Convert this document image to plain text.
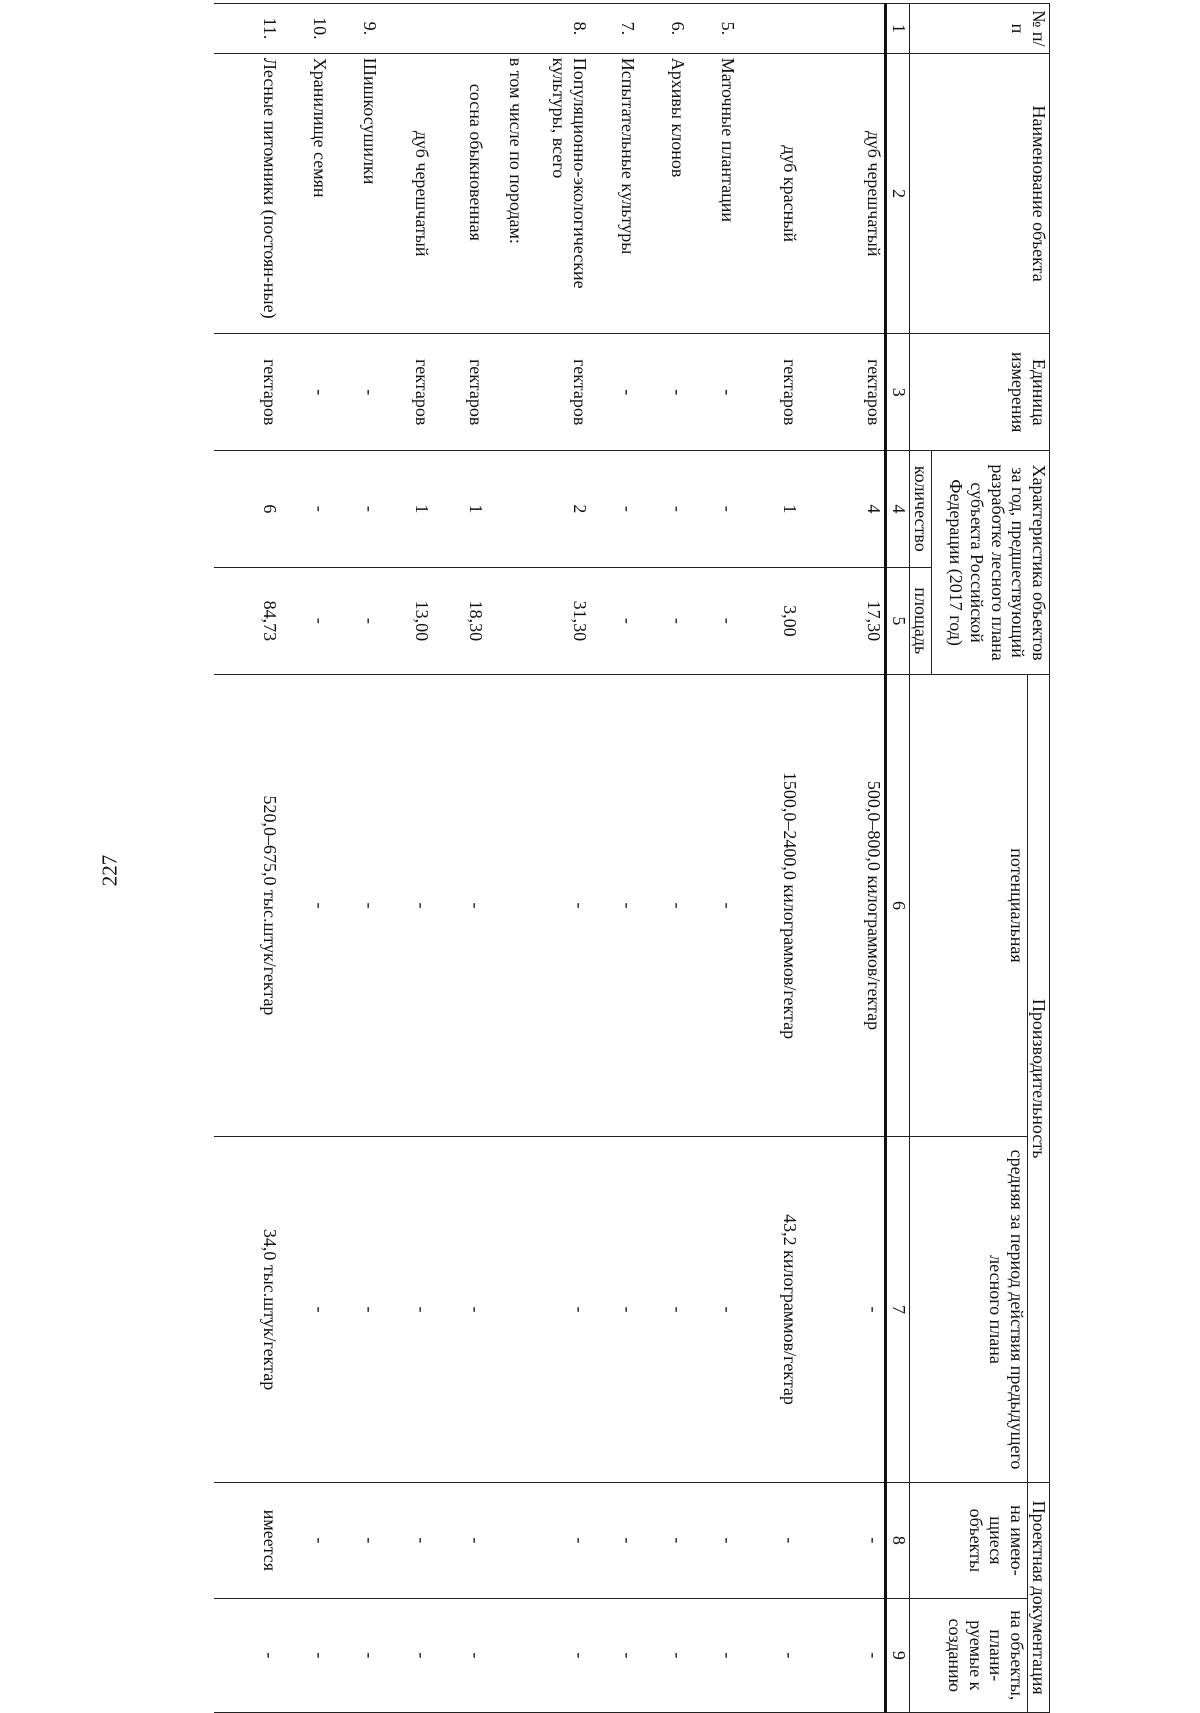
227
№ п/п	Наименование объекта	Единица измерения	Характеристика объектов за год, предшествующий разработке лесного плана субъекта Российской Федерации (2017 год)		Производительность		Проектная документация	
					потенциальная	средняя за период действия предыдущего лесного плана	на имею-щиеся объекты	на объекты, плани-руемые к созданию
			количество	площадь				
1	2	3	4	5	6	7	8	9
	дуб черешчатый	гектаров	4	17,30	500,0–800,0 килограммов/гектар	-	-	-
	дуб красный	гектаров	1	3,00	1500,0–2400,0 килограммов/гектар	43,2 килограммов/гектар	-	-
5.	Маточные плантации	-	-	-	-	-	-	-
6.	Архивы клонов	-	-	-	-	-	-	-
7.	Испытательные культуры	-	-	-	-	-	-	-
8.	Популяционно-экологические культуры, всего	гектаров	2	31,30	-	-	-	-
	в том числе по породам:							
	сосна обыкновенная	гектаров	1	18,30	-	-	-	-
	дуб черешчатый	гектаров	1	13,00	-	-	-	-
9.	Шишкосушилки	-	-	-	-	-	-	-
10.	Хранилище семян	-	-	-	-	-	-	-
11.	Лесные питомники (постоян-ные)	гектаров	6	84,73	520,0–675,0 тыс.штук/гектар	34,0 тыс.штук/гектар	имеется	-
